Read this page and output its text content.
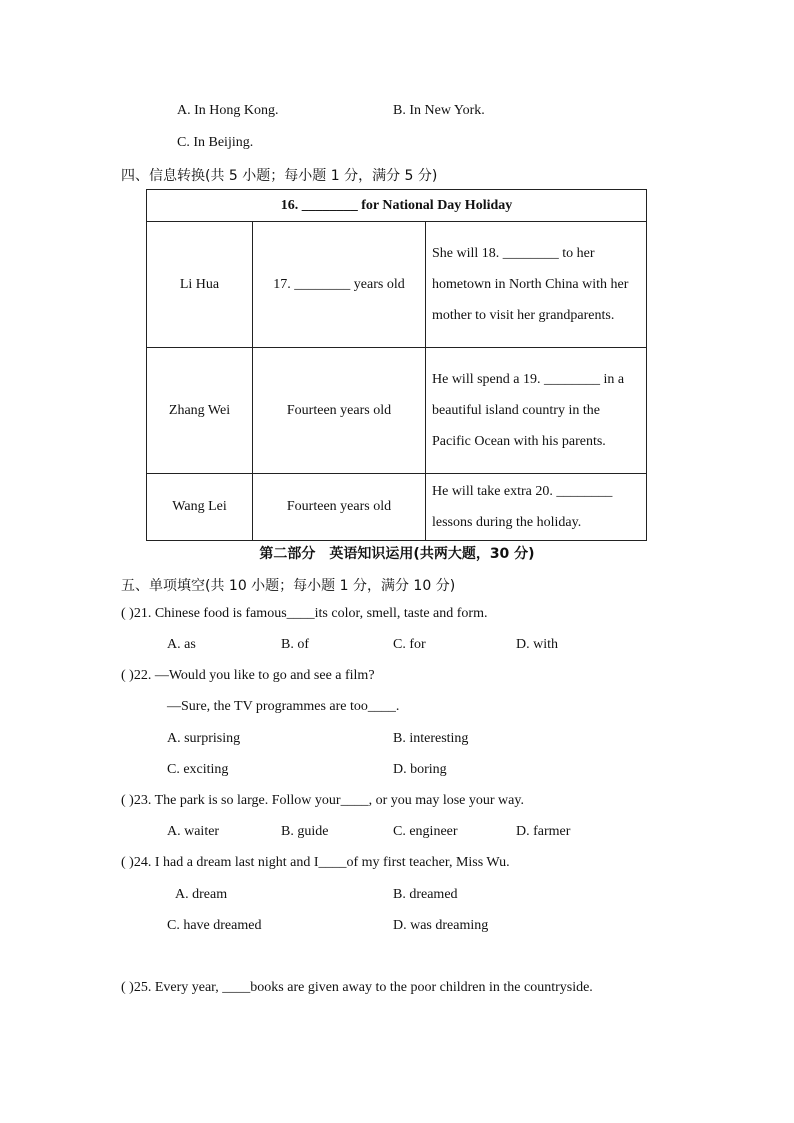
A. In Hong Kong.	B. In New York.
C. In Beijing.
四、信息转换(共 5 小题；每小题 1 分，满分 5 分)
16. ________ for National Day Holiday		
Li Hua	17. ________ years old	She will 18. ________ to her hometown in North China with her mother to visit her grandparents.
Zhang Wei	Fourteen years old	He will spend a 19. ________ in a beautiful island country in the Pacific Ocean with his parents.
Wang Lei	Fourteen years old	He will take extra 20. ________ lessons during the holiday.
第二部分　英语知识运用(共两大题，30 分)
五、单项填空(共 10 小题；每小题 1 分，满分 10 分)
( )21. Chinese food is famous____its color, smell, taste and form.
A. as	B. of	C. for	D. with
( )22. —Would you like to go and see a film?
—Sure, the TV programmes are too____.
A. surprising	B. interesting
C. exciting	D. boring
( )23. The park is so large. Follow your____, or you may lose your way.
A. waiter	B. guide	C. engineer	D. farmer
( )24. I had a dream last night and I____of my first teacher, Miss Wu.
A. dream	B. dreamed
C. have dreamed	D. was dreaming
( )25. Every year, ____books are given away to the poor children in the countryside.
